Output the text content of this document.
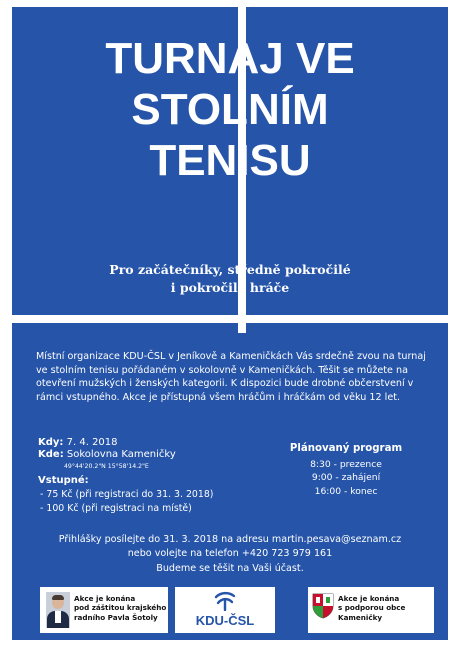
TURNAJ VE
STOLNÍM
TENISU

Pro začátečníky, středně pokročilé
i pokročilé hráče

Místní organizace KDU-ČSL v Jeníkově a Kameničkách Vás srdečně zvou na turnaj ve stolním tenisu pořádaném v sokolovně v Kameničkách. Těšit se můžete na otevření mužských i ženských kategorii. K dispozici bude drobné občerstvení v rámci vstupného. Akce je přístupná všem hráčům i hráčkám od věku 12 let.

Kdy: 7. 4. 2018
Kde: Sokolovna Kameničky
49°44'20.2"N 15°58'14.2"E
Vstupné:
- 75 Kč (při registraci do 31. 3. 2018)
- 100 Kč (při registraci na místě)
Plánovaný program
8:30 - prezence
9:00 - zahájení
16:00 - konec
Přihlášky posílejte do 31. 3. 2018 na adresu martin.pesava@seznam.cz
nebo volejte na telefon +420 723 979 161
Budeme se těšit na Vaši účast.
Akce je konána
pod záštitou krajského
radního Pavla Šotoly	KDU-ČSL
Akce je konána
s podporou obce
Kameničky
